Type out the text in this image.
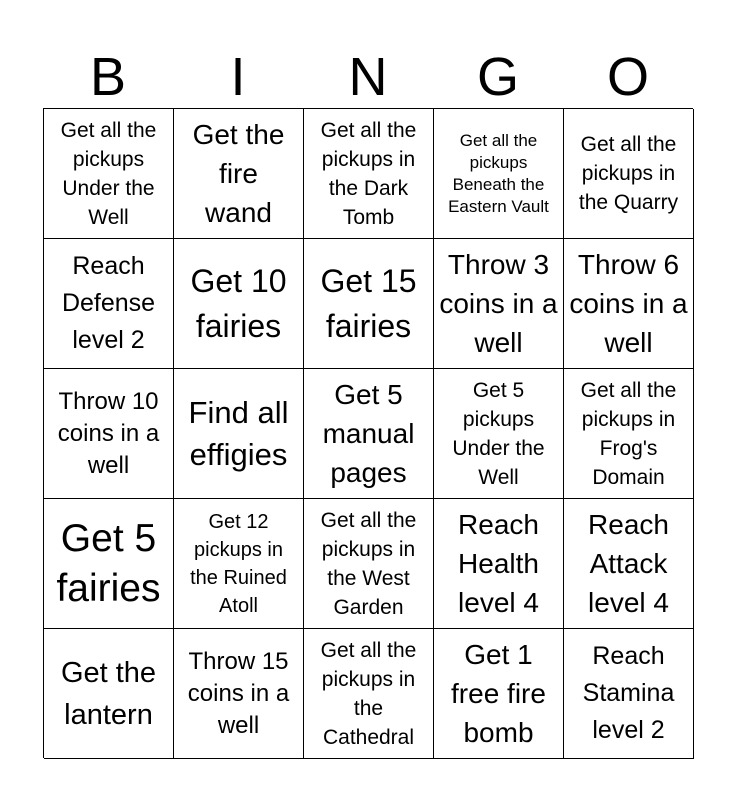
B	I	N	G	O
Get all the pickups Under the Well
Get the fire wand
Get all the pickups in the Dark Tomb
Get all the pickups Beneath the Eastern Vault
Get all the pickups in the Quarry
Reach Defense level 2
Get 10 fairies
Get 15 fairies
Throw 3 coins in a well
Throw 6 coins in a well
Throw 10 coins in a well
Find all effigies
Get 5 manual pages
Get 5 pickups Under the Well
Get all the pickups in Frog's Domain
Get 5 fairies
Get 12 pickups in the Ruined Atoll
Get all the pickups in the West Garden
Reach Health level 4
Reach Attack level 4
Get the lantern
Throw 15 coins in a well
Get all the pickups in the Cathedral
Get 1 free fire bomb
Reach Stamina level 2
